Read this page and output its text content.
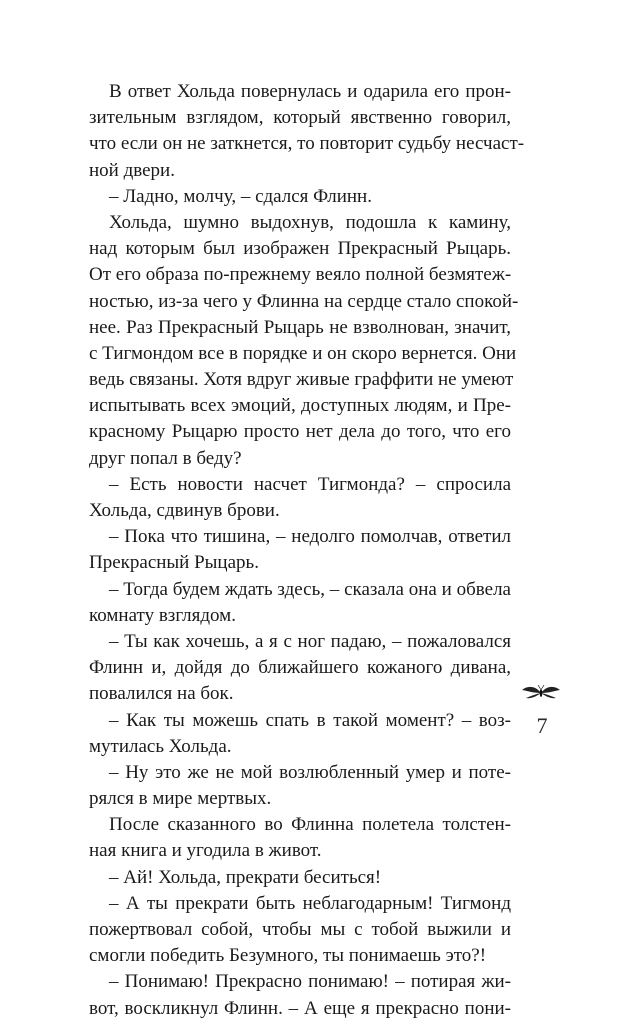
В ответ Хольда повернулась и одарила его прон-
зительным взглядом, который явственно говорил,
что если он не заткнется, то повторит судьбу несчаст-
ной двери.
– Ладно, молчу, – сдался Флинн.
Хольда, шумно выдохнув, подошла к камину,
над которым был изображен Прекрасный Рыцарь.
От его образа по-прежнему веяло полной безмятеж-
ностью, из-за чего у Флинна на сердце стало спокой-
нее. Раз Прекрасный Рыцарь не взволнован, значит,
с Тигмондом все в порядке и он скоро вернется. Они
ведь связаны. Хотя вдруг живые граффити не умеют
испытывать всех эмоций, доступных людям, и Пре-
красному Рыцарю просто нет дела до того, что его
друг попал в беду?
– Есть новости насчет Тигмонда? – спросила
Хольда, сдвинув брови.
– Пока что тишина, – недолго помолчав, ответил
Прекрасный Рыцарь.
– Тогда будем ждать здесь, – сказала она и обвела
комнату взглядом.
– Ты как хочешь, а я с ног падаю, – пожаловался
Флинн и, дойдя до ближайшего кожаного дивана,
повалился на бок.
– Как ты можешь спать в такой момент? – воз-
мутилась Хольда.
– Ну это же не мой возлюбленный умер и поте-
рялся в мире мертвых.
После сказанного во Флинна полетела толстен-
ная книга и угодила в живот.
– Ай! Хольда, прекрати беситься!
– А ты прекрати быть неблагодарным! Тигмонд
пожертвовал собой, чтобы мы с тобой выжили и
смогли победить Безумного, ты понимаешь это?!
– Понимаю! Прекрасно понимаю! – потирая жи-
вот, воскликнул Флинн. – А еще я прекрасно пони-
7
